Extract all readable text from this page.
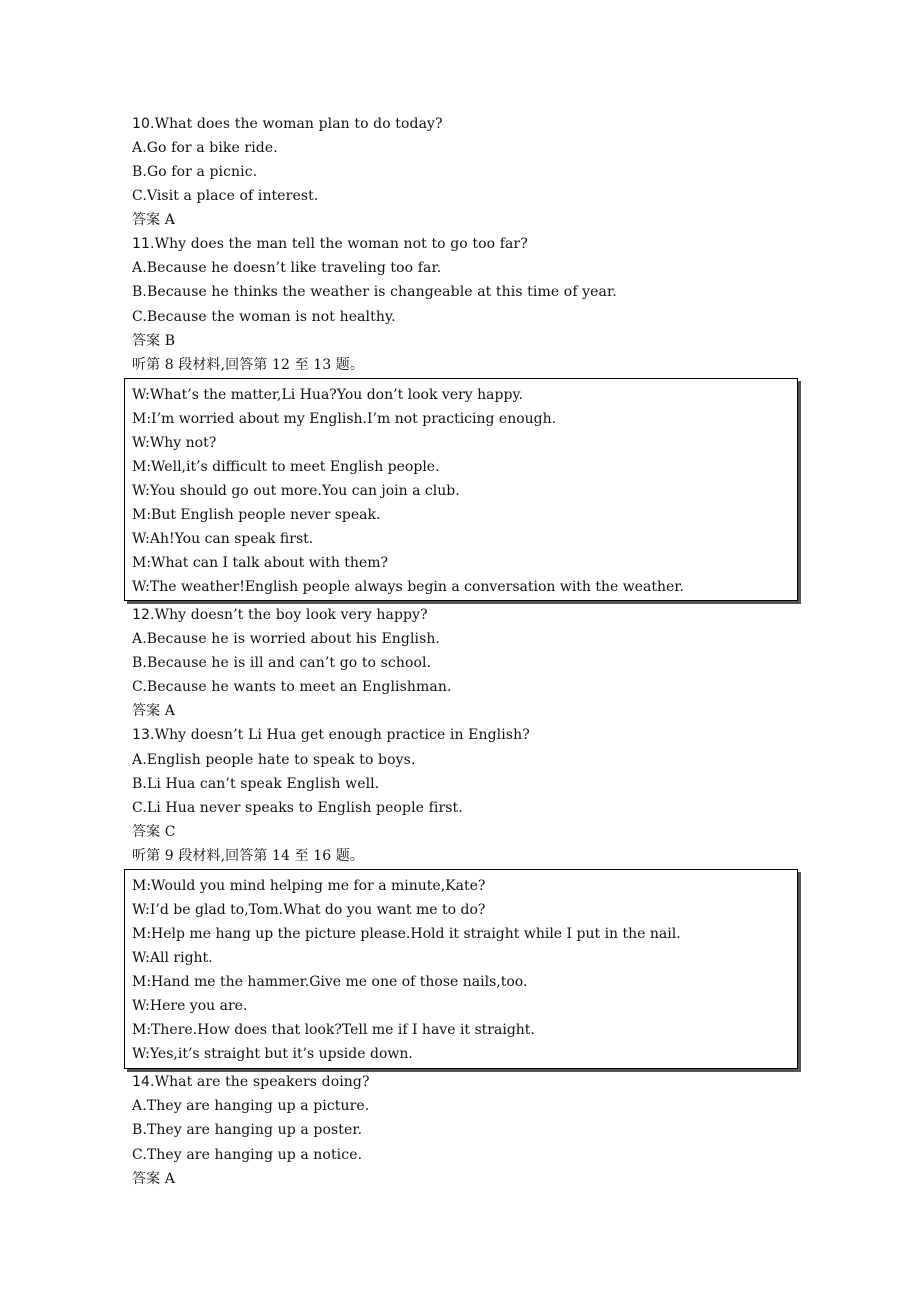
10.What does the woman plan to do today?
A.Go for a bike ride.
B.Go for a picnic.
C.Visit a place of interest.
答案 A
11.Why does the man tell the woman not to go too far?
A.Because he doesn’t like traveling too far.
B.Because he thinks the weather is changeable at this time of year.
C.Because the woman is not healthy.
答案 B
听第 8 段材料,回答第 12 至 13 题。
W:What’s the matter,Li Hua?You don’t look very happy.
M:I’m worried about my English.I’m not practicing enough.
W:Why not?
M:Well,it’s difficult to meet English people.
W:You should go out more.You can join a club.
M:But English people never speak.
W:Ah!You can speak first.
M:What can I talk about with them?
W:The weather!English people always begin a conversation with the weather.
12.Why doesn’t the boy look very happy?
A.Because he is worried about his English.
B.Because he is ill and can’t go to school.
C.Because he wants to meet an Englishman.
答案 A
13.Why doesn’t Li Hua get enough practice in English?
A.English people hate to speak to boys.
B.Li Hua can’t speak English well.
C.Li Hua never speaks to English people first.
答案 C
听第 9 段材料,回答第 14 至 16 题。
M:Would you mind helping me for a minute,Kate?
W:I’d be glad to,Tom.What do you want me to do?
M:Help me hang up the picture please.Hold it straight while I put in the nail.
W:All right.
M:Hand me the hammer.Give me one of those nails,too.
W:Here you are.
M:There.How does that look?Tell me if I have it straight.
W:Yes,it’s straight but it’s upside down.
14.What are the speakers doing?
A.They are hanging up a picture.
B.They are hanging up a poster.
C.They are hanging up a notice.
答案 A
